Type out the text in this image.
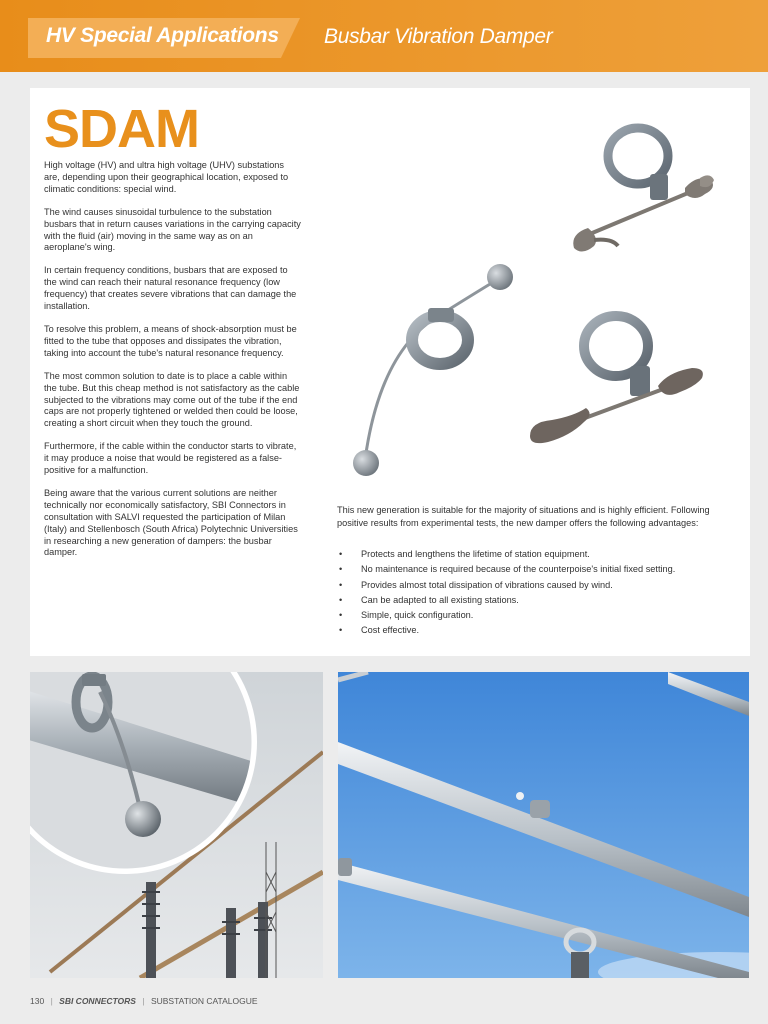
HV Special Applications Busbar Vibration Damper
SDAM

High voltage (HV) and ultra high voltage (UHV) substations are, depending upon their geographical location, exposed to climatic conditions: special wind.

The wind causes sinusoidal turbulence to the substation busbars that in return causes variations in the carrying capacity with the fluid (air) moving in the same way as on an aeroplane's wing.

In certain frequency conditions, busbars that are exposed to the wind can reach their natural resonance frequency (low frequency) that creates severe vibrations that can damage the installation.

To resolve this problem, a means of shock-absorption must be fitted to the tube that opposes and dissipates the vibration, taking into account the tube's natural resonance frequency.

The most common solution to date is to place a cable within the tube. But this cheap method is not satisfactory as the cable subjected to the vibrations may come out of the tube if the end caps are not properly tightened or welded then could be loose, creating a short circuit when they touch the ground.

Furthermore, if the cable within the conductor starts to vibrate, it may produce a noise that would be registered as a false-positive for a malfunction.

Being aware that the various current solutions are neither technically nor economically satisfactory, SBI Connectors in consultation with SALVI requested the participation of Milan (Italy) and Stellenbosch (South Africa) Polytechnic Universities in researching a new generation of dampers: the busbar damper.

This new generation is suitable for the majority of situations and is highly efficient. Following positive results from experimental tests, the new damper offers the following advantages:

• Protects and lengthens the lifetime of station equipment.
• No maintenance is required because of the counterpoise's initial fixed setting.
• Provides almost total dissipation of vibrations caused by wind.
• Can be adapted to all existing stations.
• Simple, quick configuration.
• Cost effective.
130 | SBI CONNECTORS | SUBSTATION CATALOGUE
